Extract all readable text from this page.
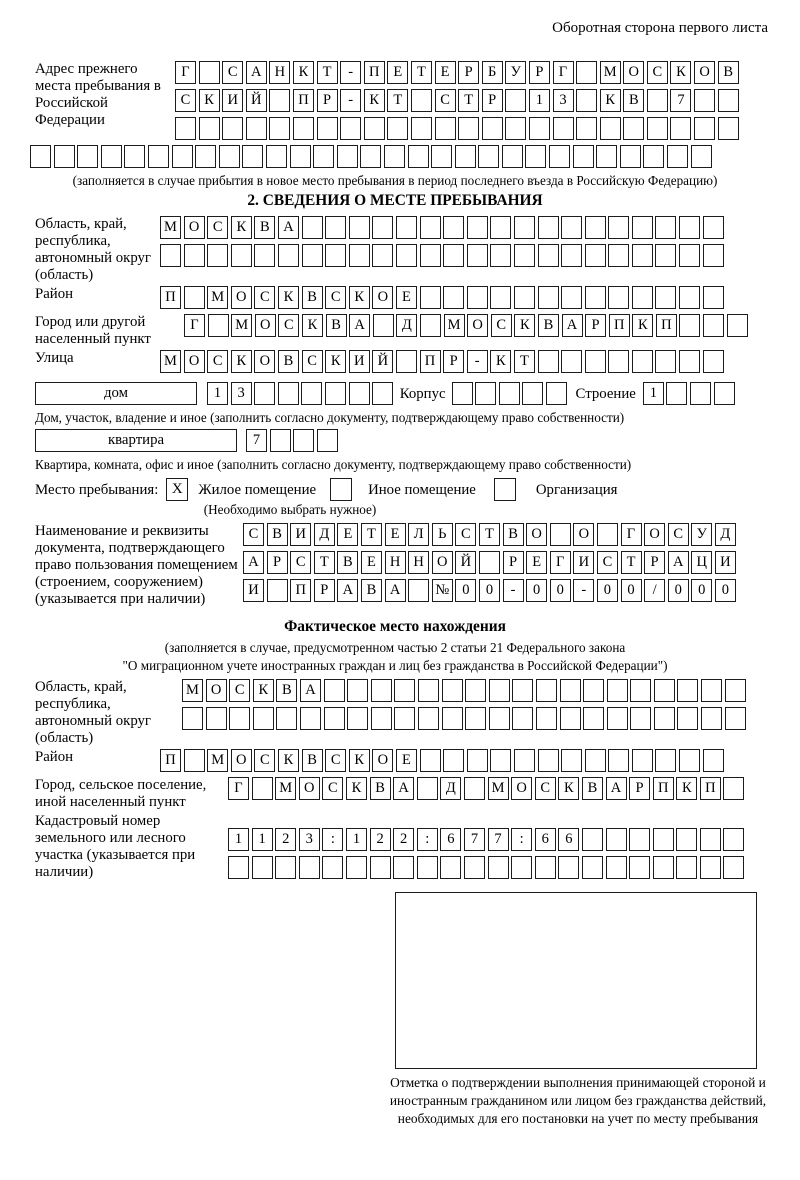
Оборотная сторона первого листа
Адрес прежнего места пребывания в Российской Федерации
Г	С А Н К Т	-	П Е	Т	Е	Р	Б У Р	Г	М О С К О В
С К И Й	П Р	-	К Т	С Т	Р	1	3	К В	7
(заполняется в случае прибытия в новое место пребывания в период последнего въезда в Российскую Федерацию)
2. СВЕДЕНИЯ О МЕСТЕ ПРЕБЫВАНИЯ
Область, край, республика, автономный округ (область)
М О С К В А
Район	П	М О С К В С К О Е
Город или другой населенный пункт
Г	М О С К В А	Д	М О С К В А Р П К П
Улица	М О С К О В С К И Й	П Р	-	К Т
дом	1	3	Корпус	Строение 1
Дом, участок, владение и иное (заполнить согласно документу, подтверждающему право собственности)
квартира	7
Квартира, комната, офис и иное (заполнить согласно документу, подтверждающему право собственности)
Место пребывания: X	Жилое помещение	Иное помещение	Организация
(Необходимо выбрать нужное)
Наименование и реквизиты документа, подтверждающего право пользования помещением (строением, сооружением) (указывается при наличии)
С В И Д Е	Т	Е Л	Ь	С Т В О	О	Г О С У Д
А Р	С Т В Е Н Н О Й	Р	Е	Г И С Т	Р А Ц И
И	П Р А В А	№ 0	0	-	0	0	-	0	0	/	0	0	0
Фактическое место нахождения
(заполняется в случае, предусмотренном частью 2 статьи 21 Федерального закона
"О миграционном учете иностранных граждан и лиц без гражданства в Российской Федерации")
Область, край, республика, автономный округ (область)
М О С К В А
Район	П	М О С К В С К О Е
Город, сельское поселение, иной населенный пункт
Г	М О С К В А	Д	М О С К В А Р П К П
Кадастровый номер земельного или лесного участка (указывается при наличии)
1	1	2	3	:	1	2	2	:	6	7	7	:	6	6
Отметка о подтверждении выполнения принимающей стороной и иностранным гражданином или лицом без гражданства действий, необходимых для его постановки на учет по месту пребывания
